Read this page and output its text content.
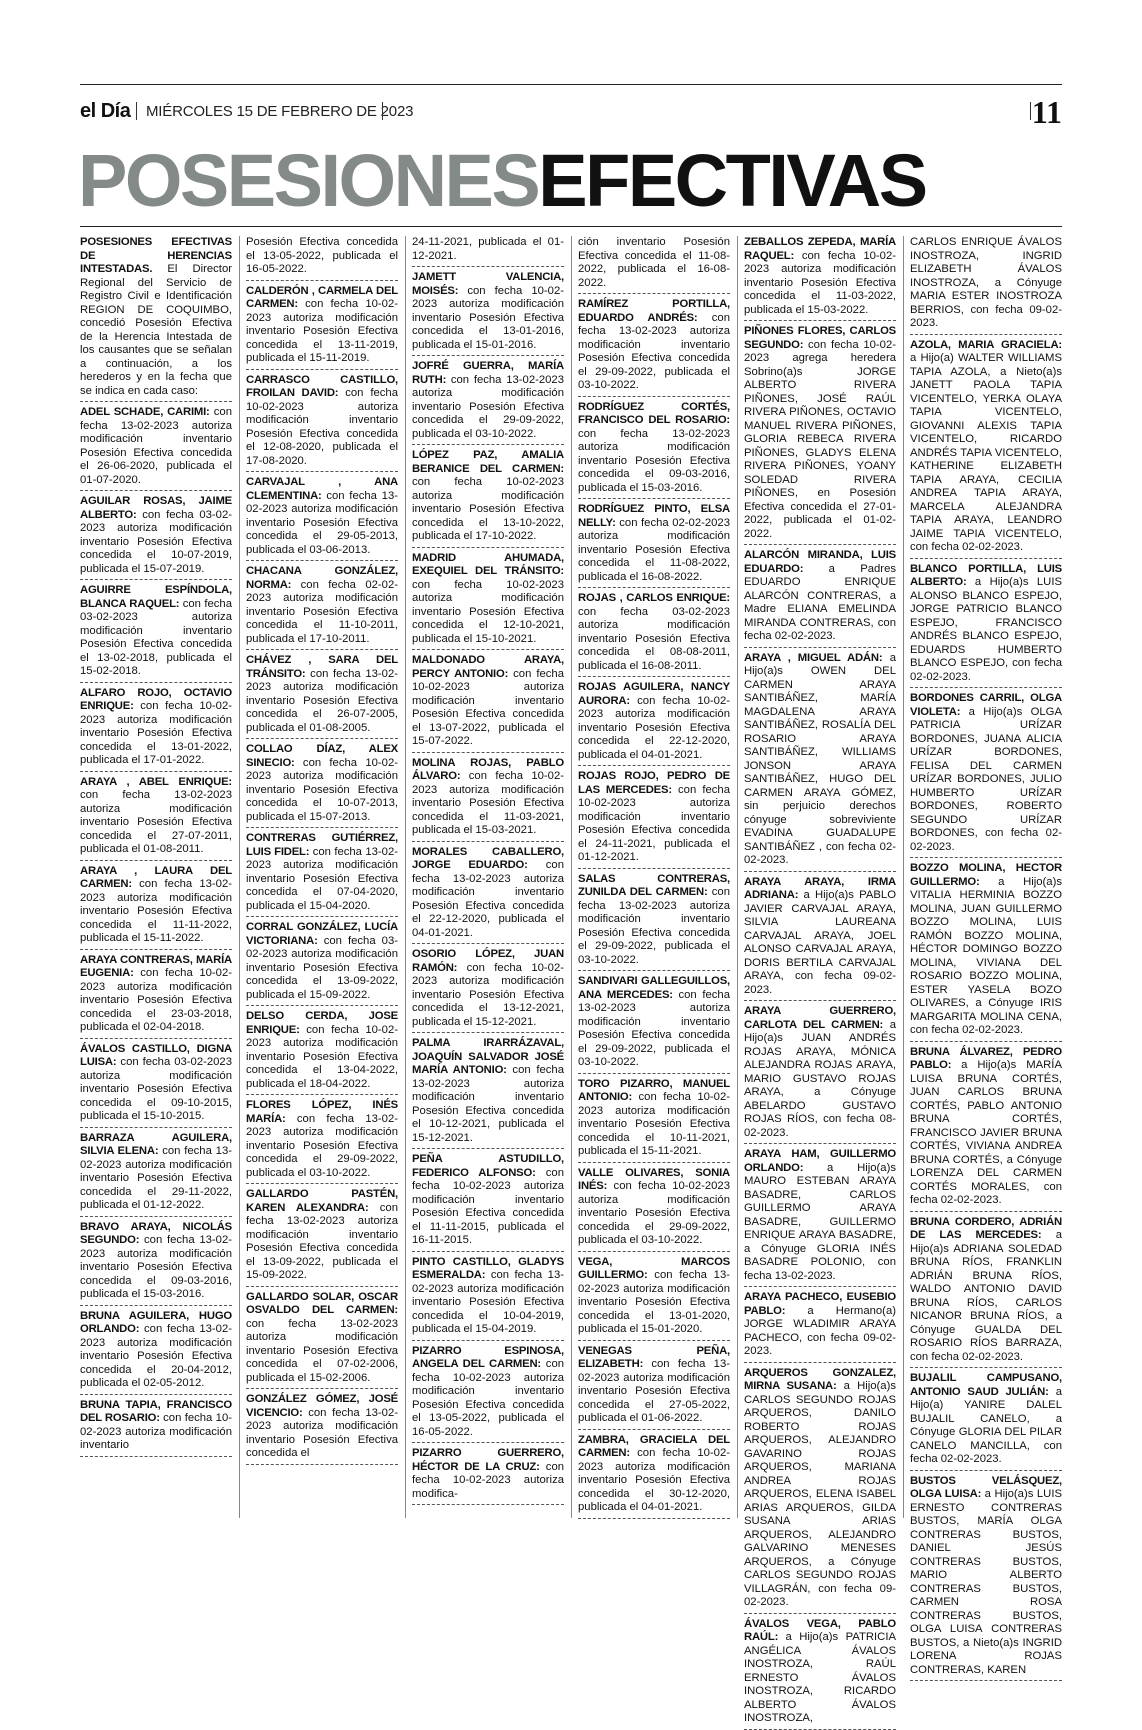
el Día MIÉRCOLES 15 DE FEBRERO DE 2023	11
POSESIONESEFECTIVAS

POSESIONES EFECTIVAS DE HERENCIAS INTESTADAS. El Director Regional del Servicio de Registro Civil e Identificación REGION DE COQUIMBO, concedió Posesión Efectiva de la Herencia Intestada de los causantes que se señalan a continuación, a los herederos y en la fecha que se indica en cada caso:

ADEL SCHADE, CARIMI: con fecha 13-02-2023 autoriza modificación inventario Posesión Efectiva concedida el 26-06-2020, publicada el 01-07-2020.

AGUILAR ROSAS, JAIME ALBERTO: con fecha 03-02-2023 autoriza modificación inventario Posesión Efectiva concedida el 10-07-2019, publicada el 15-07-2019.

AGUIRRE ESPÍNDOLA, BLANCA RAQUEL: con fecha 03-02-2023 autoriza modificación inventario Posesión Efectiva concedida el 13-02-2018, publicada el 15-02-2018.

ALFARO ROJO, OCTAVIO ENRIQUE: con fecha 10-02-2023 autoriza modificación inventario Posesión Efectiva concedida el 13-01-2022, publicada el 17-01-2022.

ARAYA , ABEL ENRIQUE: con fecha 13-02-2023 autoriza modificación inventario Posesión Efectiva concedida el 27-07-2011, publicada el 01-08-2011.

ARAYA , LAURA DEL CARMEN: con fecha 13-02-2023 autoriza modificación inventario Posesión Efectiva concedida el 11-11-2022, publicada el 15-11-2022.

ARAYA CONTRERAS, MARÍA EUGENIA: con fecha 10-02-2023 autoriza modificación inventario Posesión Efectiva concedida el 23-03-2018, publicada el 02-04-2018.

ÁVALOS CASTILLO, DIGNA LUISA: con fecha 03-02-2023 autoriza modificación inventario Posesión Efectiva concedida el 09-10-2015, publicada el 15-10-2015.

BARRAZA AGUILERA, SILVIA ELENA: con fecha 13-02-2023 autoriza modificación inventario Posesión Efectiva concedida el 29-11-2022, publicada el 01-12-2022.

BRAVO ARAYA, NICOLÁS SEGUNDO: con fecha 13-02-2023 autoriza modificación inventario Posesión Efectiva concedida el 09-03-2016, publicada el 15-03-2016.

BRUNA AGUILERA, HUGO ORLANDO: con fecha 13-02-2023 autoriza modificación inventario Posesión Efectiva concedida el 20-04-2012, publicada el 02-05-2012.

BRUNA TAPIA, FRANCISCO DEL ROSARIO: con fecha 10-02-2023 autoriza modificación inventario

Posesión Efectiva concedida el 13-05-2022, publicada el 16-05-2022.

CALDERÓN , CARMELA DEL CARMEN: con fecha 10-02-2023 autoriza modificación inventario Posesión Efectiva concedida el 13-11-2019, publicada el 15-11-2019.

CARRASCO CASTILLO, FROILAN DAVID: con fecha 10-02-2023 autoriza modificación inventario Posesión Efectiva concedida el 12-08-2020, publicada el 17-08-2020.

CARVAJAL , ANA CLEMENTINA: con fecha 13-02-2023 autoriza modificación inventario Posesión Efectiva concedida el 29-05-2013, publicada el 03-06-2013.

CHACANA GONZÁLEZ, NORMA: con fecha 02-02-2023 autoriza modificación inventario Posesión Efectiva concedida el 11-10-2011, publicada el 17-10-2011.

CHÁVEZ , SARA DEL TRÁNSITO: con fecha 13-02-2023 autoriza modificación inventario Posesión Efectiva concedida el 26-07-2005, publicada el 01-08-2005.

COLLAO DÍAZ, ALEX SINECIO: con fecha 10-02-2023 autoriza modificación inventario Posesión Efectiva concedida el 10-07-2013, publicada el 15-07-2013.

CONTRERAS GUTIÉRREZ, LUIS FIDEL: con fecha 13-02-2023 autoriza modificación inventario Posesión Efectiva concedida el 07-04-2020, publicada el 15-04-2020.

CORRAL GONZÁLEZ, LUCÍA VICTORIANA: con fecha 03-02-2023 autoriza modificación inventario Posesión Efectiva concedida el 13-09-2022, publicada el 15-09-2022.

DELSO CERDA, JOSE ENRIQUE: con fecha 10-02-2023 autoriza modificación inventario Posesión Efectiva concedida el 13-04-2022, publicada el 18-04-2022.

FLORES LÓPEZ, INÉS MARÍA: con fecha 13-02-2023 autoriza modificación inventario Posesión Efectiva concedida el 29-09-2022, publicada el 03-10-2022.

GALLARDO PASTÉN, KAREN ALEXANDRA: con fecha 13-02-2023 autoriza modificación inventario Posesión Efectiva concedida el 13-09-2022, publicada el 15-09-2022.

GALLARDO SOLAR, OSCAR OSVALDO DEL CARMEN: con fecha 13-02-2023 autoriza modificación inventario Posesión Efectiva concedida el 07-02-2006, publicada el 15-02-2006.

GONZÁLEZ GÓMEZ, JOSÉ VICENCIO: con fecha 13-02-2023 autoriza modificación inventario Posesión Efectiva concedida el

24-11-2021, publicada el 01-12-2021.

JAMETT VALENCIA, MOISÉS: con fecha 10-02-2023 autoriza modificación inventario Posesión Efectiva concedida el 13-01-2016, publicada el 15-01-2016.

JOFRÉ GUERRA, MARÍA RUTH: con fecha 13-02-2023 autoriza modificación inventario Posesión Efectiva concedida el 29-09-2022, publicada el 03-10-2022.

LÓPEZ PAZ, AMALIA BERANICE DEL CARMEN: con fecha 10-02-2023 autoriza modificación inventario Posesión Efectiva concedida el 13-10-2022, publicada el 17-10-2022.

MADRID AHUMADA, EXEQUIEL DEL TRÁNSITO: con fecha 10-02-2023 autoriza modificación inventario Posesión Efectiva concedida el 12-10-2021, publicada el 15-10-2021.

MALDONADO ARAYA, PERCY ANTONIO: con fecha 10-02-2023 autoriza modificación inventario Posesión Efectiva concedida el 13-07-2022, publicada el 15-07-2022.

MOLINA ROJAS, PABLO ÁLVARO: con fecha 10-02-2023 autoriza modificación inventario Posesión Efectiva concedida el 11-03-2021, publicada el 15-03-2021.

MORALES CABALLERO, JORGE EDUARDO: con fecha 13-02-2023 autoriza modificación inventario Posesión Efectiva concedida el 22-12-2020, publicada el 04-01-2021.

OSORIO LÓPEZ, JUAN RAMÓN: con fecha 10-02-2023 autoriza modificación inventario Posesión Efectiva concedida el 13-12-2021, publicada el 15-12-2021.

PALMA IRARRÁZAVAL, JOAQUÍN SALVADOR JOSÉ MARÍA ANTONIO: con fecha 13-02-2023 autoriza modificación inventario Posesión Efectiva concedida el 10-12-2021, publicada el 15-12-2021.

PEÑA ASTUDILLO, FEDERICO ALFONSO: con fecha 10-02-2023 autoriza modificación inventario Posesión Efectiva concedida el 11-11-2015, publicada el 16-11-2015.

PINTO CASTILLO, GLADYS ESMERALDA: con fecha 13-02-2023 autoriza modificación inventario Posesión Efectiva concedida el 10-04-2019, publicada el 15-04-2019.

PIZARRO ESPINOSA, ANGELA DEL CARMEN: con fecha 10-02-2023 autoriza modificación inventario Posesión Efectiva concedida el 13-05-2022, publicada el 16-05-2022.

PIZARRO GUERRERO, HÉCTOR DE LA CRUZ: con fecha 10-02-2023 autoriza modifica-

ción inventario Posesión Efectiva concedida el 11-08-2022, publicada el 16-08-2022.

RAMÍREZ PORTILLA, EDUARDO ANDRÉS: con fecha 13-02-2023 autoriza modificación inventario Posesión Efectiva concedida el 29-09-2022, publicada el 03-10-2022.

RODRÍGUEZ CORTÉS, FRANCISCO DEL ROSARIO: con fecha 13-02-2023 autoriza modificación inventario Posesión Efectiva concedida el 09-03-2016, publicada el 15-03-2016.

RODRÍGUEZ PINTO, ELSA NELLY: con fecha 02-02-2023 autoriza modificación inventario Posesión Efectiva concedida el 11-08-2022, publicada el 16-08-2022.

ROJAS , CARLOS ENRIQUE: con fecha 03-02-2023 autoriza modificación inventario Posesión Efectiva concedida el 08-08-2011, publicada el 16-08-2011.

ROJAS AGUILERA, NANCY AURORA: con fecha 10-02-2023 autoriza modificación inventario Posesión Efectiva concedida el 22-12-2020, publicada el 04-01-2021.

ROJAS ROJO, PEDRO DE LAS MERCEDES: con fecha 10-02-2023 autoriza modificación inventario Posesión Efectiva concedida el 24-11-2021, publicada el 01-12-2021.

SALAS CONTRERAS, ZUNILDA DEL CARMEN: con fecha 13-02-2023 autoriza modificación inventario Posesión Efectiva concedida el 29-09-2022, publicada el 03-10-2022.

SANDIVARI GALLEGUILLOS, ANA MERCEDES: con fecha 13-02-2023 autoriza modificación inventario Posesión Efectiva concedida el 29-09-2022, publicada el 03-10-2022.

TORO PIZARRO, MANUEL ANTONIO: con fecha 10-02-2023 autoriza modificación inventario Posesión Efectiva concedida el 10-11-2021, publicada el 15-11-2021.

VALLE OLIVARES, SONIA INÉS: con fecha 10-02-2023 autoriza modificación inventario Posesión Efectiva concedida el 29-09-2022, publicada el 03-10-2022.

VEGA, MARCOS GUILLERMO: con fecha 13-02-2023 autoriza modificación inventario Posesión Efectiva concedida el 13-01-2020, publicada el 15-01-2020.

VENEGAS PEÑA, ELIZABETH: con fecha 13-02-2023 autoriza modificación inventario Posesión Efectiva concedida el 27-05-2022, publicada el 01-06-2022.

ZAMBRA, GRACIELA DEL CARMEN: con fecha 10-02-2023 autoriza modificación inventario Posesión Efectiva concedida el 30-12-2020, publicada el 04-01-2021.

ZEBALLOS ZEPEDA, MARÍA RAQUEL: con fecha 10-02-2023 autoriza modificación inventario Posesión Efectiva concedida el 11-03-2022, publicada el 15-03-2022.

PIÑONES FLORES, CARLOS SEGUNDO: con fecha 10-02-2023 agrega heredera Sobrino(a)s JORGE ALBERTO RIVERA PIÑONES, JOSÉ RAÚL RIVERA PIÑONES, OCTAVIO MANUEL RIVERA PIÑONES, GLORIA REBECA RIVERA PIÑONES, GLADYS ELENA RIVERA PIÑONES, YOANY SOLEDAD RIVERA PIÑONES, en Posesión Efectiva concedida el 27-01-2022, publicada el 01-02-2022.

ALARCÓN MIRANDA, LUIS EDUARDO: a Padres EDUARDO ENRIQUE ALARCÓN CONTRERAS, a Madre ELIANA EMELINDA MIRANDA CONTRERAS, con fecha 02-02-2023.

ARAYA , MIGUEL ADÁN: a Hijo(a)s OWEN DEL CARMEN ARAYA SANTIBÁÑEZ, MARÍA MAGDALENA ARAYA SANTIBÁÑEZ, ROSALÍA DEL ROSARIO ARAYA SANTIBÁÑEZ, WILLIAMS JONSON ARAYA SANTIBÁÑEZ, HUGO DEL CARMEN ARAYA GÓMEZ, sin perjuicio derechos cónyuge sobreviviente EVADINA GUADALUPE SANTIBÁÑEZ , con fecha 02-02-2023.

ARAYA ARAYA, IRMA ADRIANA: a Hijo(a)s PABLO JAVIER CARVAJAL ARAYA, SILVIA LAUREANA CARVAJAL ARAYA, JOEL ALONSO CARVAJAL ARAYA, DORIS BERTILA CARVAJAL ARAYA, con fecha 09-02-2023.

ARAYA GUERRERO, CARLOTA DEL CARMEN: a Hijo(a)s JUAN ANDRÉS ROJAS ARAYA, MÓNICA ALEJANDRA ROJAS ARAYA, MARIO GUSTAVO ROJAS ARAYA, a Cónyuge ABELARDO GUSTAVO ROJAS RÍOS, con fecha 08-02-2023.

ARAYA HAM, GUILLERMO ORLANDO: a Hijo(a)s MAURO ESTEBAN ARAYA BASADRE, CARLOS GUILLERMO ARAYA BASADRE, GUILLERMO ENRIQUE ARAYA BASADRE, a Cónyuge GLORIA INÉS BASADRE POLONIO, con fecha 13-02-2023.

ARAYA PACHECO, EUSEBIO PABLO: a Hermano(a) JORGE WLADIMIR ARAYA PACHECO, con fecha 09-02-2023.

ARQUEROS GONZALEZ, MIRNA SUSANA: a Hijo(a)s CARLOS SEGUNDO ROJAS ARQUEROS, DANILO ROBERTO ROJAS ARQUEROS, ALEJANDRO GAVARINO ROJAS ARQUEROS, MARIANA ANDREA ROJAS ARQUEROS, ELENA ISABEL ARIAS ARQUEROS, GILDA SUSANA ARIAS ARQUEROS, ALEJANDRO GALVARINO MENESES ARQUEROS, a Cónyuge CARLOS SEGUNDO ROJAS VILLAGRÁN, con fecha 09-02-2023.

ÁVALOS VEGA, PABLO RAÚL: a Hijo(a)s PATRICIA ANGÉLICA ÁVALOS INOSTROZA, RAÚL ERNESTO ÁVALOS INOSTROZA, RICARDO ALBERTO ÁVALOS INOSTROZA,

CARLOS ENRIQUE ÁVALOS INOSTROZA, INGRID ELIZABETH ÁVALOS INOSTROZA, a Cónyuge MARIA ESTER INOSTROZA BERRIOS, con fecha 09-02-2023.

AZOLA, MARIA GRACIELA: a Hijo(a) WALTER WILLIAMS TAPIA AZOLA, a Nieto(a)s JANETT PAOLA TAPIA VICENTELO, YERKA OLAYA TAPIA VICENTELO, GIOVANNI ALEXIS TAPIA VICENTELO, RICARDO ANDRÉS TAPIA VICENTELO, KATHERINE ELIZABETH TAPIA ARAYA, CECILIA ANDREA TAPIA ARAYA, MARCELA ALEJANDRA TAPIA ARAYA, LEANDRO JAIME TAPIA VICENTELO, con fecha 02-02-2023.

BLANCO PORTILLA, LUIS ALBERTO: a Hijo(a)s LUIS ALONSO BLANCO ESPEJO, JORGE PATRICIO BLANCO ESPEJO, FRANCISCO ANDRÉS BLANCO ESPEJO, EDUARDS HUMBERTO BLANCO ESPEJO, con fecha 02-02-2023.

BORDONES CARRIL, OLGA VIOLETA: a Hijo(a)s OLGA PATRICIA URÍZAR BORDONES, JUANA ALICIA URÍZAR BORDONES, FELISA DEL CARMEN URÍZAR BORDONES, JULIO HUMBERTO URÍZAR BORDONES, ROBERTO SEGUNDO URÍZAR BORDONES, con fecha 02-02-2023.

BOZZO MOLINA, HECTOR GUILLERMO: a Hijo(a)s VITALIA HERMINIA BOZZO MOLINA, JUAN GUILLERMO BOZZO MOLINA, LUIS RAMÓN BOZZO MOLINA, HÉCTOR DOMINGO BOZZO MOLINA, VIVIANA DEL ROSARIO BOZZO MOLINA, ESTER YASELA BOZO OLIVARES, a Cónyuge IRIS MARGARITA MOLINA CENA, con fecha 02-02-2023.

BRUNA ÁLVAREZ, PEDRO PABLO: a Hijo(a)s MARÍA LUISA BRUNA CORTÉS, JUAN CARLOS BRUNA CORTÉS, PABLO ANTONIO BRUNA CORTÉS, FRANCISCO JAVIER BRUNA CORTÉS, VIVIANA ANDREA BRUNA CORTÉS, a Cónyuge LORENZA DEL CARMEN CORTÉS MORALES, con fecha 02-02-2023.

BRUNA CORDERO, ADRIÁN DE LAS MERCEDES: a Hijo(a)s ADRIANA SOLEDAD BRUNA RÍOS, FRANKLIN ADRIÁN BRUNA RÍOS, WALDO ANTONIO DAVID BRUNA RÍOS, CARLOS NICANOR BRUNA RÍOS, a Cónyuge GUALDA DEL ROSARIO RÍOS BARRAZA, con fecha 02-02-2023.

BUJALIL CAMPUSANO, ANTONIO SAUD JULIÁN: a Hijo(a) YANIRE DALEL BUJALIL CANELO, a Cónyuge GLORIA DEL PILAR CANELO MANCILLA, con fecha 02-02-2023.

BUSTOS VELÁSQUEZ, OLGA LUISA: a Hijo(a)s LUIS ERNESTO CONTRERAS BUSTOS, MARÍA OLGA CONTRERAS BUSTOS, DANIEL JESÚS CONTRERAS BUSTOS, MARIO ALBERTO CONTRERAS BUSTOS, CARMEN ROSA CONTRERAS BUSTOS, OLGA LUISA CONTRERAS BUSTOS, a Nieto(a)s INGRID LORENA ROJAS CONTRERAS, KAREN
